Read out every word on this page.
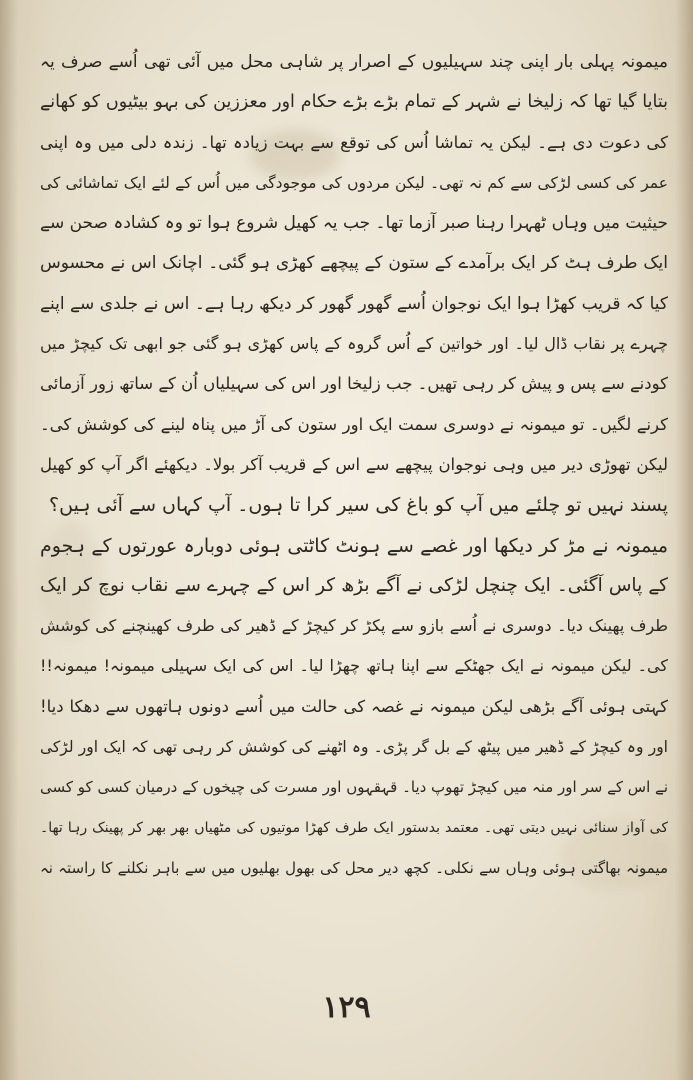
میمونہ پہلی بار اپنی چند سہیلیوں کے اصرار پر شاہی محل میں آئی تھی اُسے صرف یہ
بتایا گیا تھا کہ زلیخا نے شہر کے تمام بڑے بڑے حکام اور معززین کی بہو بیٹیوں کو کھانے
کی دعوت دی ہے۔ لیکن یہ تماشا اُس کی توقع سے بہت زیادہ تھا۔ زندہ دلی میں وہ اپنی
عمر کی کسی لڑکی سے کم نہ تھی۔ لیکن مردوں کی موجودگی میں اُس کے لئے ایک تماشائی کی
حیثیت میں وہاں ٹھہرا رہنا صبر آزما تھا۔ جب یہ کھیل شروع ہوا تو وہ کشادہ صحن سے
ایک طرف ہٹ کر ایک برآمدے کے ستون کے پیچھے کھڑی ہو گئی۔ اچانک اس نے محسوس
کیا کہ قریب کھڑا ہوا ایک نوجوان اُسے گھور گھور کر دیکھ رہا ہے۔ اس نے جلدی سے اپنے
چہرے پر نقاب ڈال لیا۔ اور خواتین کے اُس گروہ کے پاس کھڑی ہو گئی جو ابھی تک کیچڑ میں
کودنے سے پس و پیش کر رہی تھیں۔ جب زلیخا اور اس کی سہیلیاں اُن کے ساتھ زور آزمائی
کرنے لگیں۔ تو میمونہ نے دوسری سمت ایک اور ستون کی آڑ میں پناہ لینے کی کوشش کی۔
لیکن تھوڑی دیر میں وہی نوجوان پیچھے سے اس کے قریب آکر بولا۔ دیکھئے اگر آپ کو کھیل
پسند نہیں تو چلئے میں آپ کو باغ کی سیر کرا تا ہوں۔ آپ کہاں سے آئی ہیں؟
میمونہ نے مڑ کر دیکھا اور غصے سے ہونٹ کاٹتی ہوئی دوبارہ عورتوں کے ہجوم
کے پاس آگئی۔ ایک چنچل لڑکی نے آگے بڑھ کر اس کے چہرے سے نقاب نوچ کر ایک
طرف پھینک دیا۔ دوسری نے اُسے بازو سے پکڑ کر کیچڑ کے ڈھیر کی طرف کھینچنے کی کوشش
کی۔ لیکن میمونہ نے ایک جھٹکے سے اپنا ہاتھ چھڑا لیا۔ اس کی ایک سہیلی میمونہ! میمونہ!!
کہتی ہوئی آگے بڑھی لیکن میمونہ نے غصہ کی حالت میں اُسے دونوں ہاتھوں سے دھکا دیا!
اور وہ کیچڑ کے ڈھیر میں پیٹھ کے بل گر پڑی۔ وہ اٹھنے کی کوشش کر رہی تھی کہ ایک اور لڑکی
نے اس کے سر اور منہ میں کیچڑ تھوپ دیا۔ قہقہوں اور مسرت کی چیخوں کے درمیان کسی کو کسی
کی آواز سنائی نہیں دیتی تھی۔ معتمد بدستور ایک طرف کھڑا موتیوں کی مٹھیاں بھر بھر کر پھینک رہا تھا۔
میمونہ بھاگتی ہوئی وہاں سے نکلی۔ کچھ دیر محل کی بھول بھلیوں میں سے باہر نکلنے کا راستہ نہ
۱۲۹
